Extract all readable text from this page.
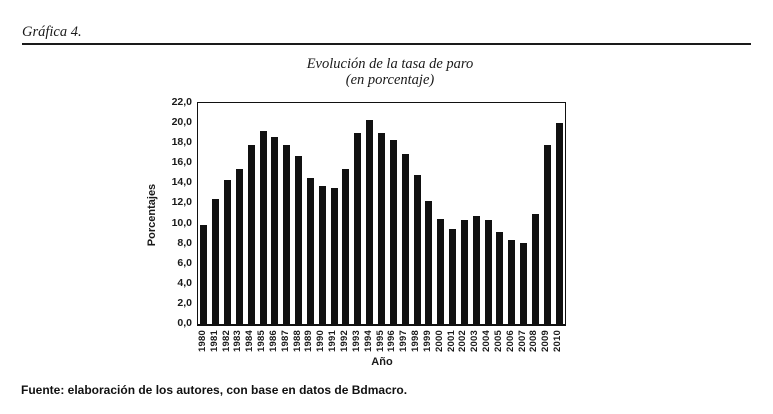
Gráfica 4.
Evolución de la tasa de paro
(en porcentaje)
Porcentajes
0,0
2,0
4,0
6,0
8,0
10,0
12,0
14,0
16,0
18,0
20,0
22,0
1980 1981 1982 1983 1984 1985 1986 1987 1988 1989 1990 1991 1992 1993 1994 1995 1996 1997 1998 1999 2000 2001 2002 2003 2004 2005 2006 2007 2008 2009 2010
Año
Fuente: elaboración de los autores, con base en datos de Bdmacro.
